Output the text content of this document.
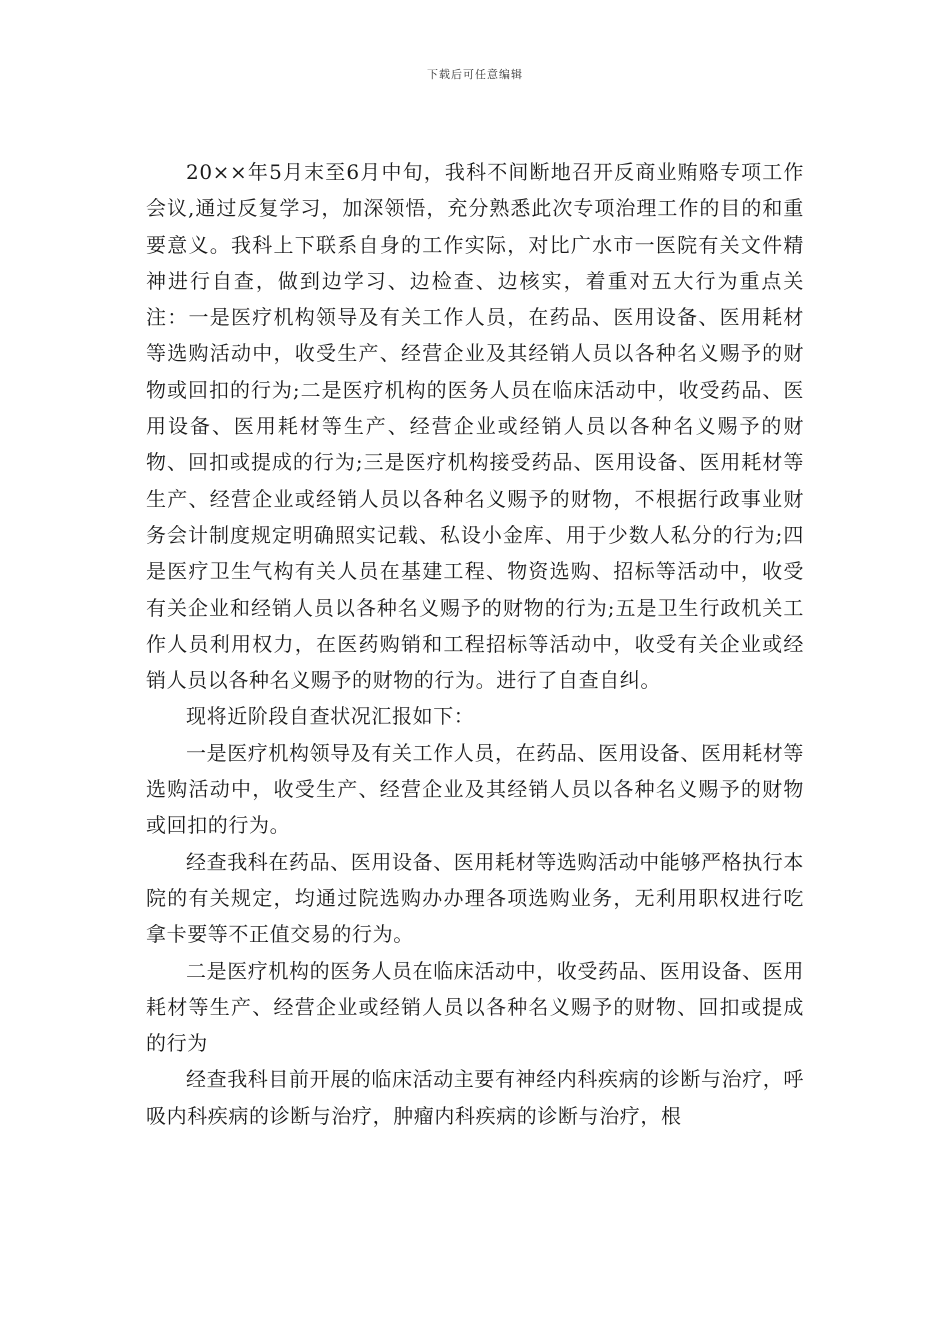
下载后可任意编辑

20××年5月末至6月中旬，我科不间断地召开反商业贿赂专项工作会议,通过反复学习，加深领悟，充分熟悉此次专项治理工作的目的和重要意义。我科上下联系自身的工作实际，对比广水市一医院有关文件精神进行自查，做到边学习、边检查、边核实，着重对五大行为重点关注：一是医疗机构领导及有关工作人员，在药品、医用设备、医用耗材等选购活动中，收受生产、经营企业及其经销人员以各种名义赐予的财物或回扣的行为;二是医疗机构的医务人员在临床活动中，收受药品、医用设备、医用耗材等生产、经营企业或经销人员以各种名义赐予的财物、回扣或提成的行为;三是医疗机构接受药品、医用设备、医用耗材等生产、经营企业或经销人员以各种名义赐予的财物，不根据行政事业财务会计制度规定明确照实记载、私设小金库、用于少数人私分的行为;四是医疗卫生气构有关人员在基建工程、物资选购、招标等活动中，收受有关企业和经销人员以各种名义赐予的财物的行为;五是卫生行政机关工作人员利用权力，在医药购销和工程招标等活动中，收受有关企业或经销人员以各种名义赐予的财物的行为。进行了自查自纠。

现将近阶段自查状况汇报如下：

一是医疗机构领导及有关工作人员，在药品、医用设备、医用耗材等选购活动中，收受生产、经营企业及其经销人员以各种名义赐予的财物或回扣的行为。

经查我科在药品、医用设备、医用耗材等选购活动中能够严格执行本院的有关规定，均通过院选购办办理各项选购业务，无利用职权进行吃拿卡要等不正值交易的行为。

二是医疗机构的医务人员在临床活动中，收受药品、医用设备、医用耗材等生产、经营企业或经销人员以各种名义赐予的财物、回扣或提成的行为

经查我科目前开展的临床活动主要有神经内科疾病的诊断与治疗，呼吸内科疾病的诊断与治疗，肿瘤内科疾病的诊断与治疗，根
